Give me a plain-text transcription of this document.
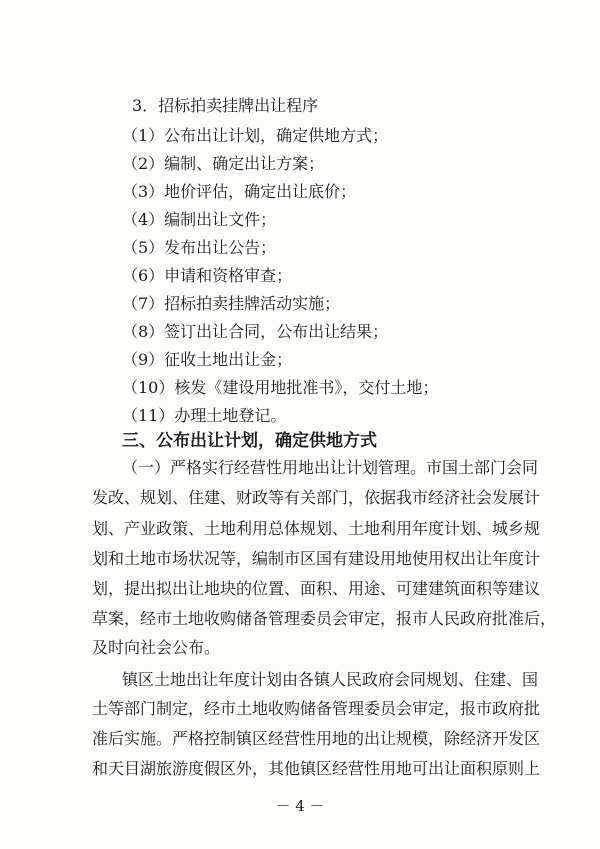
3．招标拍卖挂牌出让程序
（1）公布出让计划，确定供地方式；
（2）编制、确定出让方案；
（3）地价评估，确定出让底价；
（4）编制出让文件；
（5）发布出让公告；
（6）申请和资格审查；
（7）招标拍卖挂牌活动实施；
（8）签订出让合同，公布出让结果；
（9）征收土地出让金；
（10）核发《建设用地批准书》，交付土地；
（11）办理土地登记。
三、公布出让计划，确定供地方式
（一）严格实行经营性用地出让计划管理。市国土部门会同
发改、规划、住建、财政等有关部门，依据我市经济社会发展计
划、产业政策、土地利用总体规划、土地利用年度计划、城乡规
划和土地市场状况等，编制市区国有建设用地使用权出让年度计
划，提出拟出让地块的位置、面积、用途、可建建筑面积等建议
草案，经市土地收购储备管理委员会审定，报市人民政府批准后，
及时向社会公布。
－ 4 －
镇区土地出让年度计划由各镇人民政府会同规划、住建、国
土等部门制定，经市土地收购储备管理委员会审定，报市政府批
准后实施。严格控制镇区经营性用地的出让规模，除经济开发区
和天目湖旅游度假区外，其他镇区经营性用地可出让面积原则上
